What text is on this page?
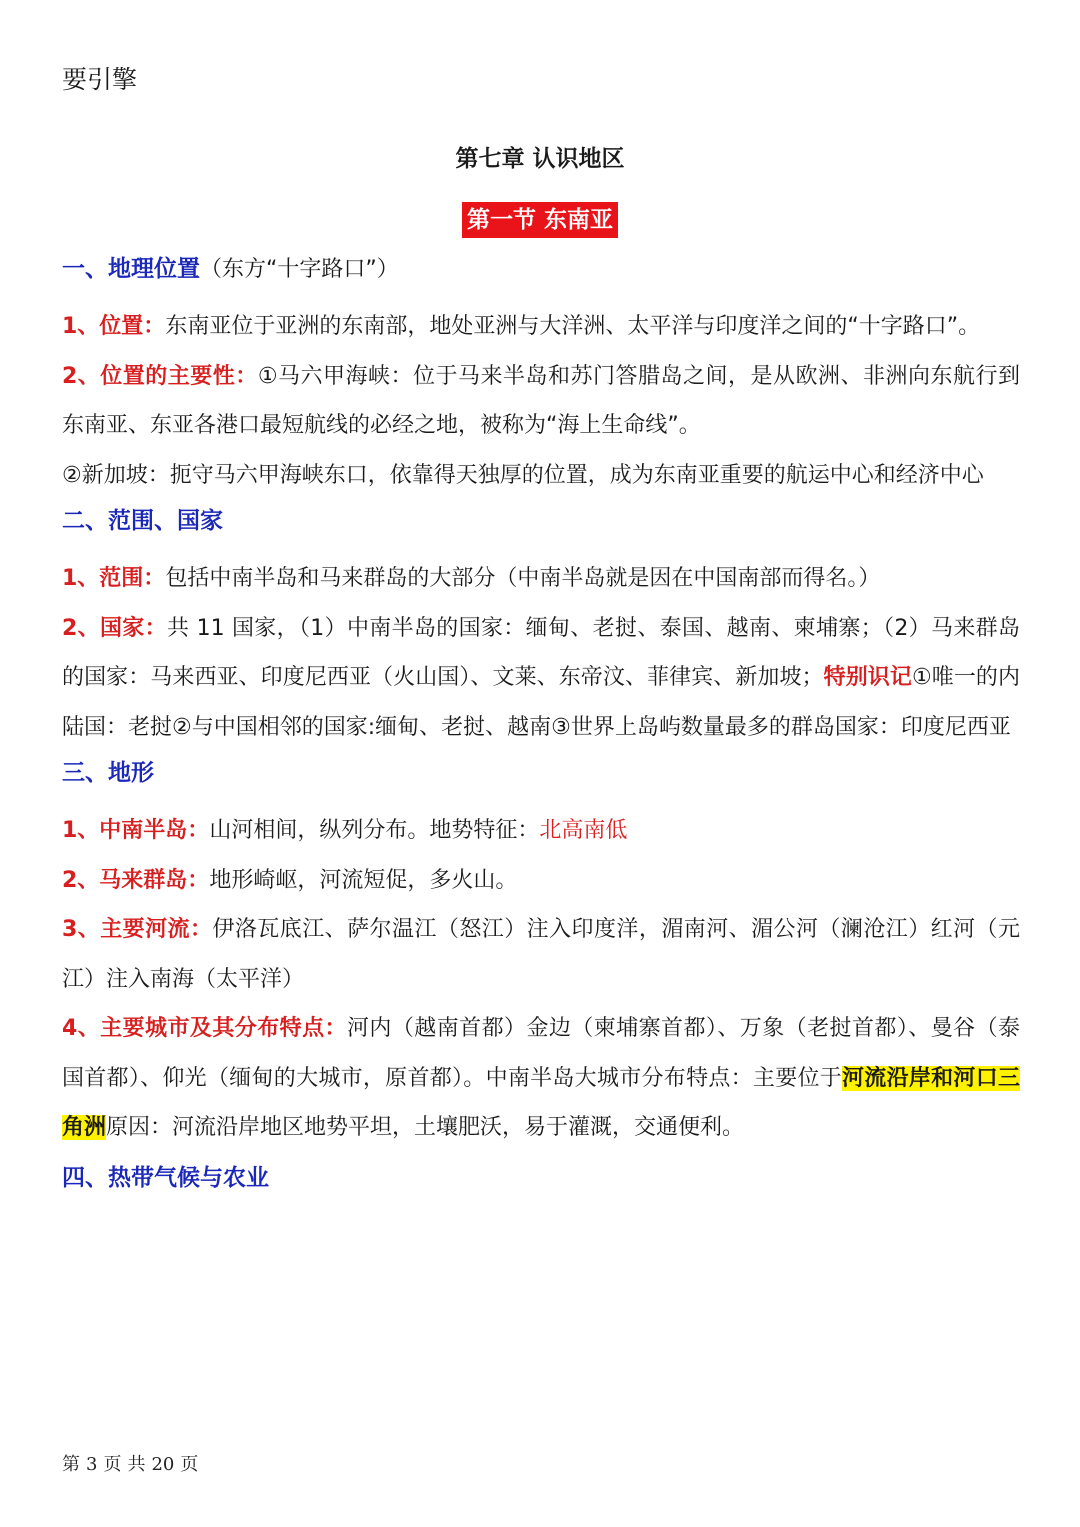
要引擎
第七章 认识地区
第一节 东南亚
一、地理位置（东方“十字路口”）

1、位置：东南亚位于亚洲的东南部，地处亚洲与大洋洲、太平洋与印度洋之间的“十字路口”。

2、位置的主要性：①马六甲海峡：位于马来半岛和苏门答腊岛之间，是从欧洲、非洲向东航行到东南亚、东亚各港口最短航线的必经之地，被称为“海上生命线”。

②新加坡：扼守马六甲海峡东口，依靠得天独厚的位置，成为东南亚重要的航运中心和经济中心

二、范围、国家

1、范围：包括中南半岛和马来群岛的大部分（中南半岛就是因在中国南部而得名。）

2、国家：共 11 国家，（1）中南半岛的国家：缅甸、老挝、泰国、越南、柬埔寨；（2）马来群岛的国家：马来西亚、印度尼西亚（火山国）、文莱、东帝汶、菲律宾、新加坡；特别识记①唯一的内陆国：老挝②与中国相邻的国家:缅甸、老挝、越南③世界上岛屿数量最多的群岛国家：印度尼西亚

三、地形

1、中南半岛：山河相间，纵列分布。地势特征：北高南低

2、马来群岛：地形崎岖，河流短促，多火山。

3、主要河流：伊洛瓦底江、萨尔温江（怒江）注入印度洋，湄南河、湄公河（澜沧江）红河（元江）注入南海（太平洋）

4、主要城市及其分布特点：河内（越南首都）金边（柬埔寨首都）、万象（老挝首都）、曼谷（泰国首都）、仰光（缅甸的大城市，原首都）。中南半岛大城市分布特点：主要位于河流沿岸和河口三角洲原因：河流沿岸地区地势平坦，土壤肥沃，易于灌溉，交通便利。

四、热带气候与农业
第 3 页 共 20 页
